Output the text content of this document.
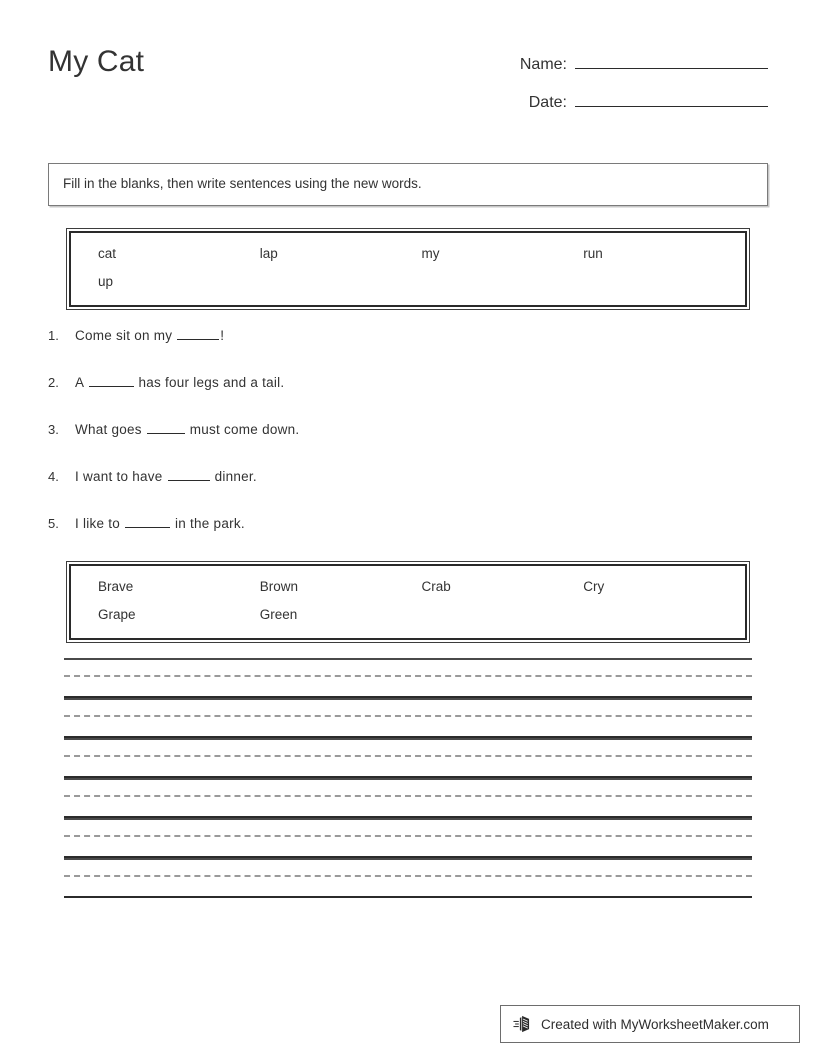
My Cat	Name:
Date:
Fill in the blanks, then write sentences using the new words.
cat	lap	my	run
up
1.	Come sit on my	!
2.	A	has four legs and a tail.
3.	What goes	must come down.
4.	I want to have	dinner.
5.	I like to	in the park.
Brave	Brown	Crab	Cry
Grape	Green
Created with MyWorksheetMaker.com
